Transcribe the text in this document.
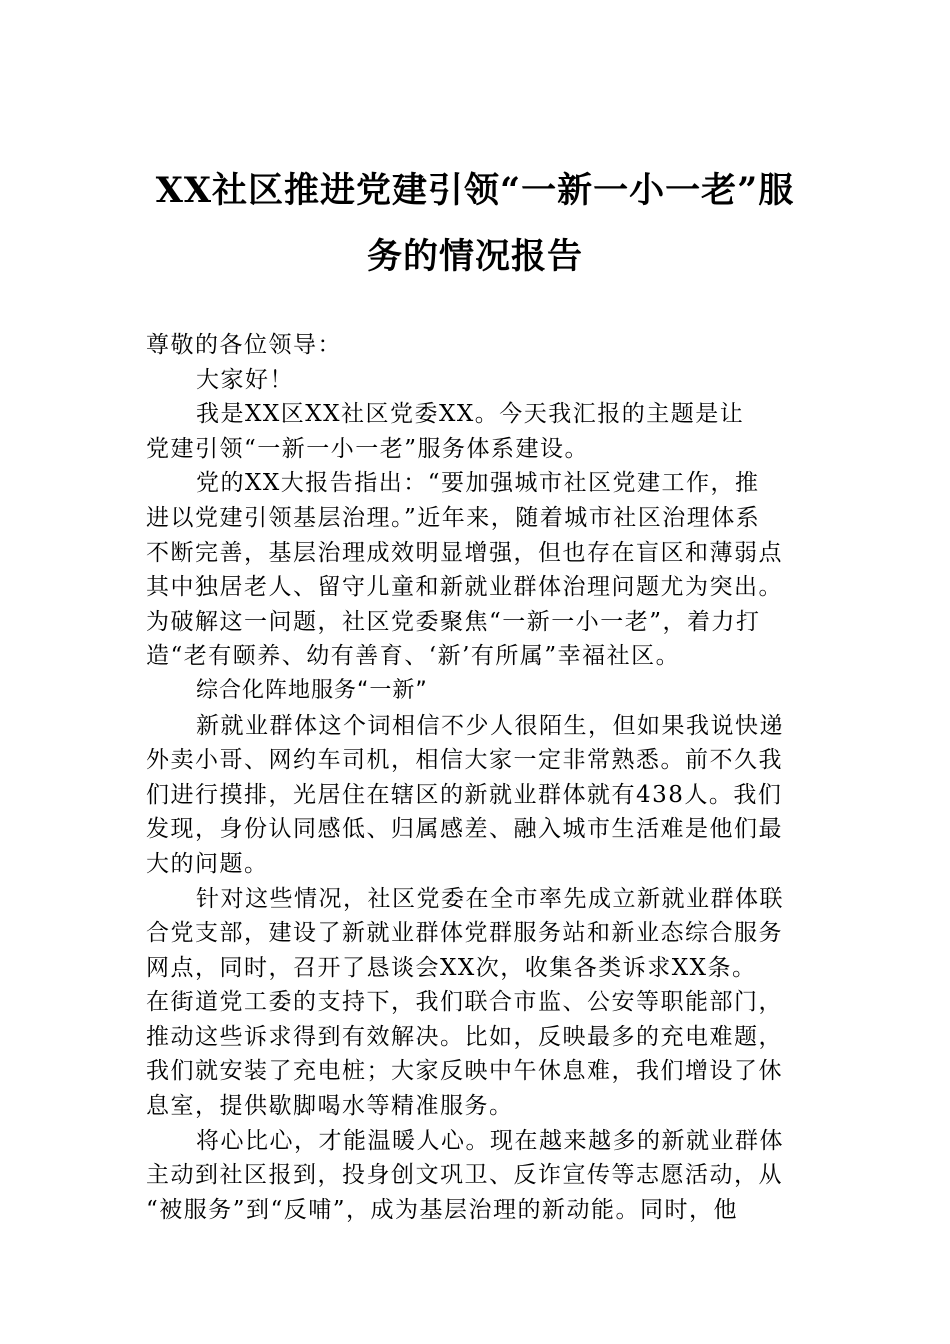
XX社区推进党建引领“一新一小一老”服
务的情况报告

尊敬的各位领导：

大家好！

我是XX区XX社区党委XX。今天我汇报的主题是让
党建引领“一新一小一老”服务体系建设。

党的XX大报告指出：“要加强城市社区党建工作，推
进以党建引领基层治理。”近年来，随着城市社区治理体系
不断完善，基层治理成效明显增强，但也存在盲区和薄弱点
其中独居老人、留守儿童和新就业群体治理问题尤为突出。
为破解这一问题，社区党委聚焦“一新一小一老”，着力打
造“老有颐养、幼有善育、‘新’有所属”幸福社区。

综合化阵地服务“一新”

新就业群体这个词相信不少人很陌生，但如果我说快递
外卖小哥、网约车司机，相信大家一定非常熟悉。前不久我
们进行摸排，光居住在辖区的新就业群体就有438人。我们
发现，身份认同感低、归属感差、融入城市生活难是他们最
大的问题。

针对这些情况，社区党委在全市率先成立新就业群体联
合党支部，建设了新就业群体党群服务站和新业态综合服务
网点，同时，召开了恳谈会XX次，收集各类诉求XX条。
在街道党工委的支持下，我们联合市监、公安等职能部门，
推动这些诉求得到有效解决。比如，反映最多的充电难题，
我们就安装了充电桩；大家反映中午休息难，我们增设了休
息室，提供歇脚喝水等精准服务。

将心比心，才能温暖人心。现在越来越多的新就业群体
主动到社区报到，投身创文巩卫、反诈宣传等志愿活动，从
“被服务”到“反哺”，成为基层治理的新动能。同时，他
